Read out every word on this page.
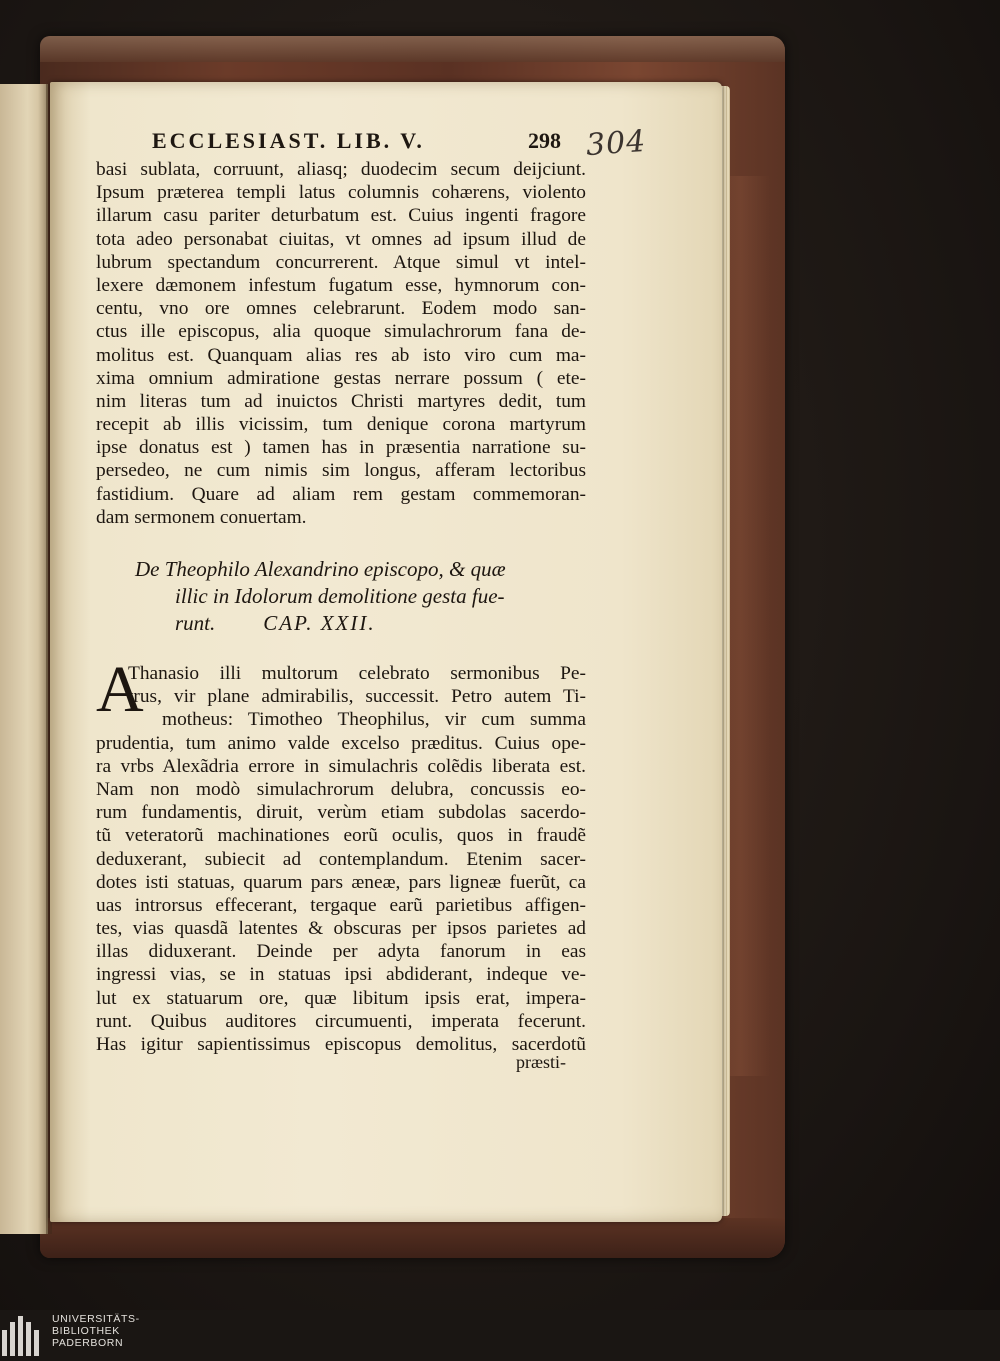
ECCLESIAST. LIB. V.	298 304
basi sublata, corruunt, aliasq; duodecim secum deijciunt.
Ipsum præterea templi latus columnis cohærens, violento
illarum casu pariter deturbatum est. Cuius ingenti fragore
tota adeo personabat ciuitas, vt omnes ad ipsum illud de
lubrum spectandum concurrerent. Atque simul vt intel-
lexere dæmonem infestum fugatum esse, hymnorum con-
centu, vno ore omnes celebrarunt. Eodem modo san-
ctus ille episcopus, alia quoque simulachrorum fana de-
molitus est. Quanquam alias res ab isto viro cum ma-
xima omnium admiratione gestas nerrare possum ( ete-
nim literas tum ad inuictos Christi martyres dedit, tum
recepit ab illis vicissim, tum denique corona martyrum
ipse donatus est ) tamen has in præsentia narratione su-
persedeo, ne cum nimis sim longus, afferam lectoribus
fastidium. Quare ad aliam rem gestam commemoran-
dam sermonem conuertam.
De Theophilo Alexandrino episcopo, & quæ
illic in Idolorum demolitione gesta fue-
runt. CAP. XXII.
A
Thanasio illi multorum celebrato sermonibus Pe-
trus, vir plane admirabilis, successit. Petro autem Ti-
motheus: Timotheo Theophilus, vir cum summa
prudentia, tum animo valde excelso præditus. Cuius ope-
ra vrbs Alexãdria errore in simulachris colẽdis liberata est.
Nam non modò simulachrorum delubra, concussis eo-
rum fundamentis, diruit, verùm etiam subdolas sacerdo-
tũ veteratorũ machinationes eorũ oculis, quos in fraudẽ
deduxerant, subiecit ad contemplandum. Etenim sacer-
dotes isti statuas, quarum pars æneæ, pars ligneæ fuerũt, ca
uas introrsus effecerant, tergaque earũ parietibus affigen-
tes, vias quasdã latentes & obscuras per ipsos parietes ad
illas diduxerant. Deinde per adyta fanorum in eas
ingressi vias, se in statuas ipsi abdiderant, indeque ve-
lut ex statuarum ore, quæ libitum ipsis erat, impera-
runt. Quibus auditores circumuenti, imperata fecerunt.
Has igitur sapientissimus episcopus demolitus, sacerdotũ
præsti-
UNIVERSITÄTS-
BIBLIOTHEK
PADERBORN
